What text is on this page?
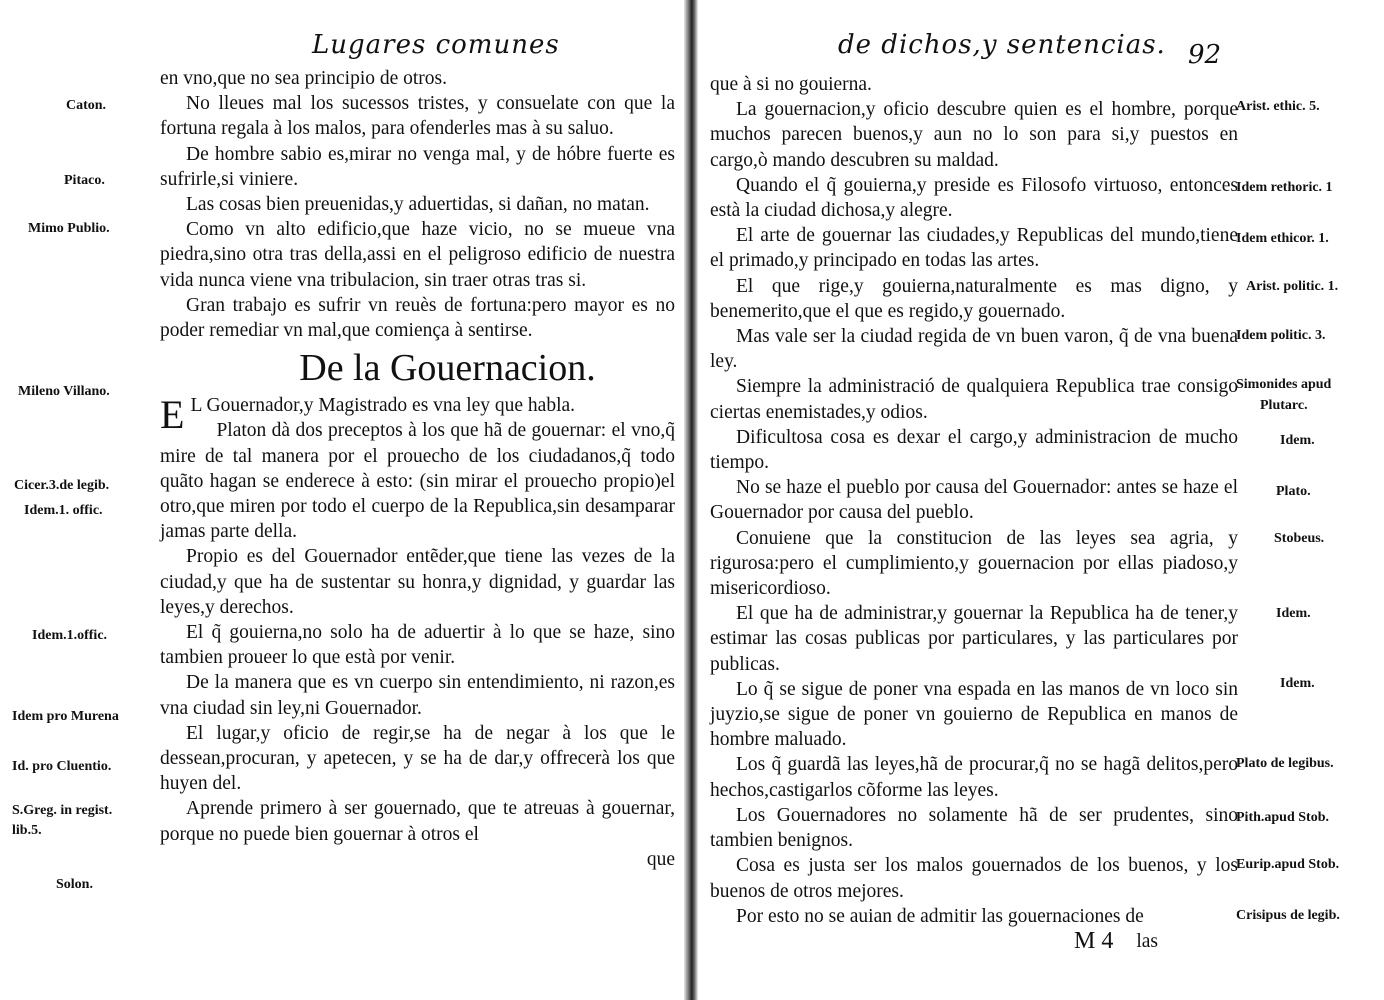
Lugares comunes
Caton.
Pitaco.
Mimo Publio.
Mileno Villano.
Cicer.3.de legib.
Idem.1. offic.
Idem.1.offic.
Idem pro Murena
Id. pro Cluentio.
S.Greg. in regist.
lib.5.
Solon.

en vno,que no sea principio de otros.

No lleues mal los sucessos tristes, y consuelate con que la fortuna regala à los malos, para ofenderles mas à su saluo.

De hombre sabio es,mirar no venga mal, y de hóbre fuerte es sufrirle,si viniere.

Las cosas bien preuenidas,y aduertidas, si dañan, no matan.

Como vn alto edificio,que haze vicio, no se mueue vna piedra,sino otra tras della,assi en el peligroso edificio de nuestra vida nunca viene vna tribulacion, sin traer otras tras si.

Gran trabajo es sufrir vn reuès de fortuna:pero mayor es no poder remediar vn mal,que comiença à sentirse.

De la Gouernacion.

E L Gouernador,y Magistrado es vna ley que habla.

Platon dà dos preceptos à los que hã de gouernar: el vno,q̃ mire de tal manera por el prouecho de los ciudadanos,q̃ todo quãto hagan se enderece à esto: (sin mirar el prouecho propio)el otro,que miren por todo el cuerpo de la Republica,sin desamparar jamas parte della.

Propio es del Gouernador entẽder,que tiene las vezes de la ciudad,y que ha de sustentar su honra,y dignidad, y guardar las leyes,y derechos.

El q̃ gouierna,no solo ha de aduertir à lo que se haze, sino tambien proueer lo que està por venir.

De la manera que es vn cuerpo sin entendimiento, ni razon,es vna ciudad sin ley,ni Gouernador.

El lugar,y oficio de regir,se ha de negar à los que le dessean,procuran, y apetecen, y se ha de dar,y offrecerà los que huyen del.

Aprende primero à ser gouernado, que te atreuas à gouernar, porque no puede bien gouernar à otros el

que

de dichos,y sentencias. 92
Arist. ethic. 5.
Idem rethoric. 1
Idem ethicor. 1.
Arist. politic. 1.
Idem politic. 3.
Simonides apud
Plutarc.
Idem.
Plato.
Stobeus.
Idem.
Idem.
Plato de legibus.
Pith.apud Stob.
Eurip.apud Stob.
Crisipus de legib.

que à si no gouierna.

La gouernacion,y oficio descubre quien es el hombre, porque muchos parecen buenos,y aun no lo son para si,y puestos en cargo,ò mando descubren su maldad.

Quando el q̃ gouierna,y preside es Filosofo virtuoso, entonces està la ciudad dichosa,y alegre.

El arte de gouernar las ciudades,y Republicas del mundo,tiene el primado,y principado en todas las artes.

El que rige,y gouierna,naturalmente es mas digno, y benemerito,que el que es regido,y gouernado.

Mas vale ser la ciudad regida de vn buen varon, q̃ de vna buena ley.

Siempre la administració de qualquiera Republica trae consigo ciertas enemistades,y odios.

Dificultosa cosa es dexar el cargo,y administracion de mucho tiempo.

No se haze el pueblo por causa del Gouernador: antes se haze el Gouernador por causa del pueblo.

Conuiene que la constitucion de las leyes sea agria, y rigurosa:pero el cumplimiento,y gouernacion por ellas piadoso,y misericordioso.

El que ha de administrar,y gouernar la Republica ha de tener,y estimar las cosas publicas por particulares, y las particulares por publicas.

Lo q̃ se sigue de poner vna espada en las manos de vn loco sin juyzio,se sigue de poner vn gouierno de Republica en manos de hombre maluado.

Los q̃ guardã las leyes,hã de procurar,q̃ no se hagã delitos,pero hechos,castigarlos cõforme las leyes.

Los Gouernadores no solamente hã de ser prudentes, sino tambien benignos.

Cosa es justa ser los malos gouernados de los buenos, y los buenos de otros mejores.

Por esto no se auian de admitir las gouernaciones de

las

M 4
